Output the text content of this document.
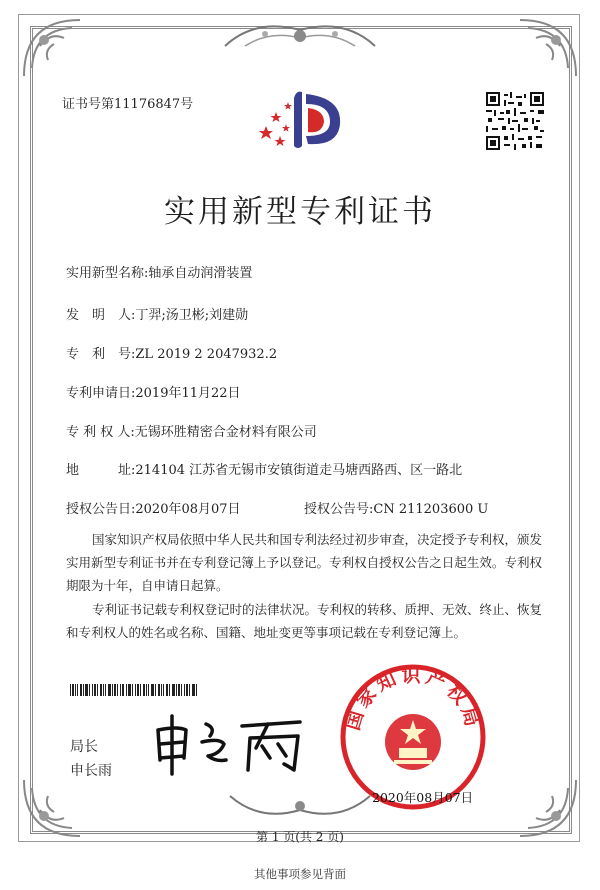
证书号第11176847号
实用新型专利证书
实用新型名称:轴承自动润滑装置
发　明　人:丁羿;汤卫彬;刘建勋
专　利　号:ZL 2019 2 2047932.2
专利申请日:2019年11月22日
专 利 权 人:无锡环胜精密合金材料有限公司
地　　　址:214104 江苏省无锡市安镇街道走马塘西路西、区一路北
授权公告日:2020年08月07日	授权公告号:CN 211203600 U
国家知识产权局依照中华人民共和国专利法经过初步审查，决定授予专利权，颁发实用新型专利证书并在专利登记簿上予以登记。专利权自授权公告之日起生效。专利权期限为十年，自申请日起算。
专利证书记载专利权登记时的法律状况。专利权的转移、质押、无效、终止、恢复和专利权人的姓名或名称、国籍、地址变更等事项记载在专利登记簿上。
局长
申长雨
国家知识产权局
2020年08月07日
第 1 页(共 2 页)
其他事项参见背面
